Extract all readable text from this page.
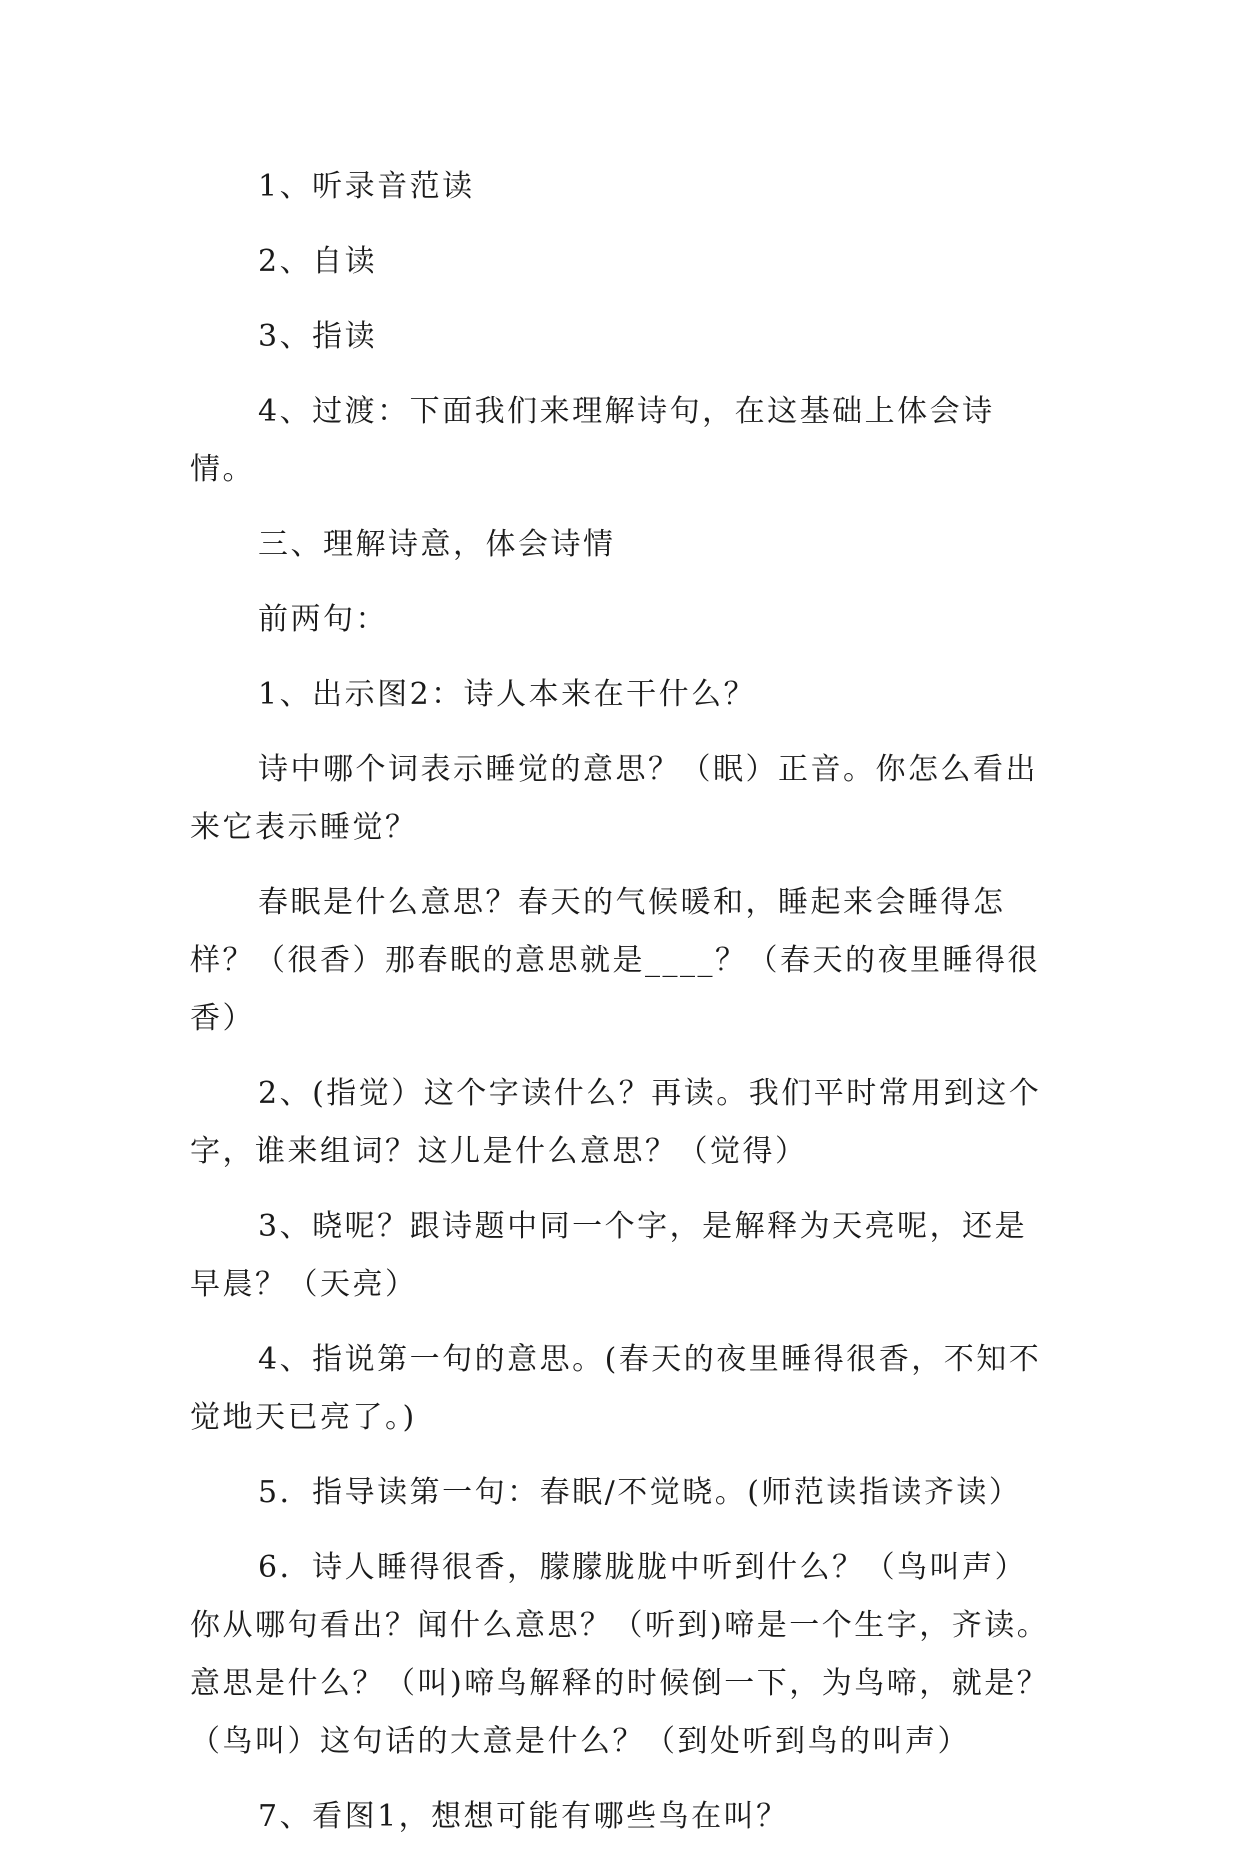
1、听录音范读

2、自读

3、指读

4、过渡：下面我们来理解诗句，在这基础上体会诗情。

三、理解诗意，体会诗情

前两句：

1、出示图2：诗人本来在干什么？

诗中哪个词表示睡觉的意思？（眠）正音。你怎么看出来它表示睡觉？

春眠是什么意思？春天的气候暖和，睡起来会睡得怎样？（很香）那春眠的意思就是____？（春天的夜里睡得很香）

2、(指觉）这个字读什么？再读。我们平时常用到这个字，谁来组词？这儿是什么意思？（觉得）

3、晓呢？跟诗题中同一个字，是解释为天亮呢，还是早晨？（天亮）

4、指说第一句的意思。(春天的夜里睡得很香，不知不觉地天已亮了。)

5．指导读第一句：春眠/不觉晓。(师范读指读齐读）

6．诗人睡得很香，朦朦胧胧中听到什么？（鸟叫声）你从哪句看出？闻什么意思？（听到)啼是一个生字，齐读。意思是什么？（叫)啼鸟解释的时候倒一下，为鸟啼，就是？（鸟叫）这句话的大意是什么？（到处听到鸟的叫声）

7、看图1，想想可能有哪些鸟在叫？
